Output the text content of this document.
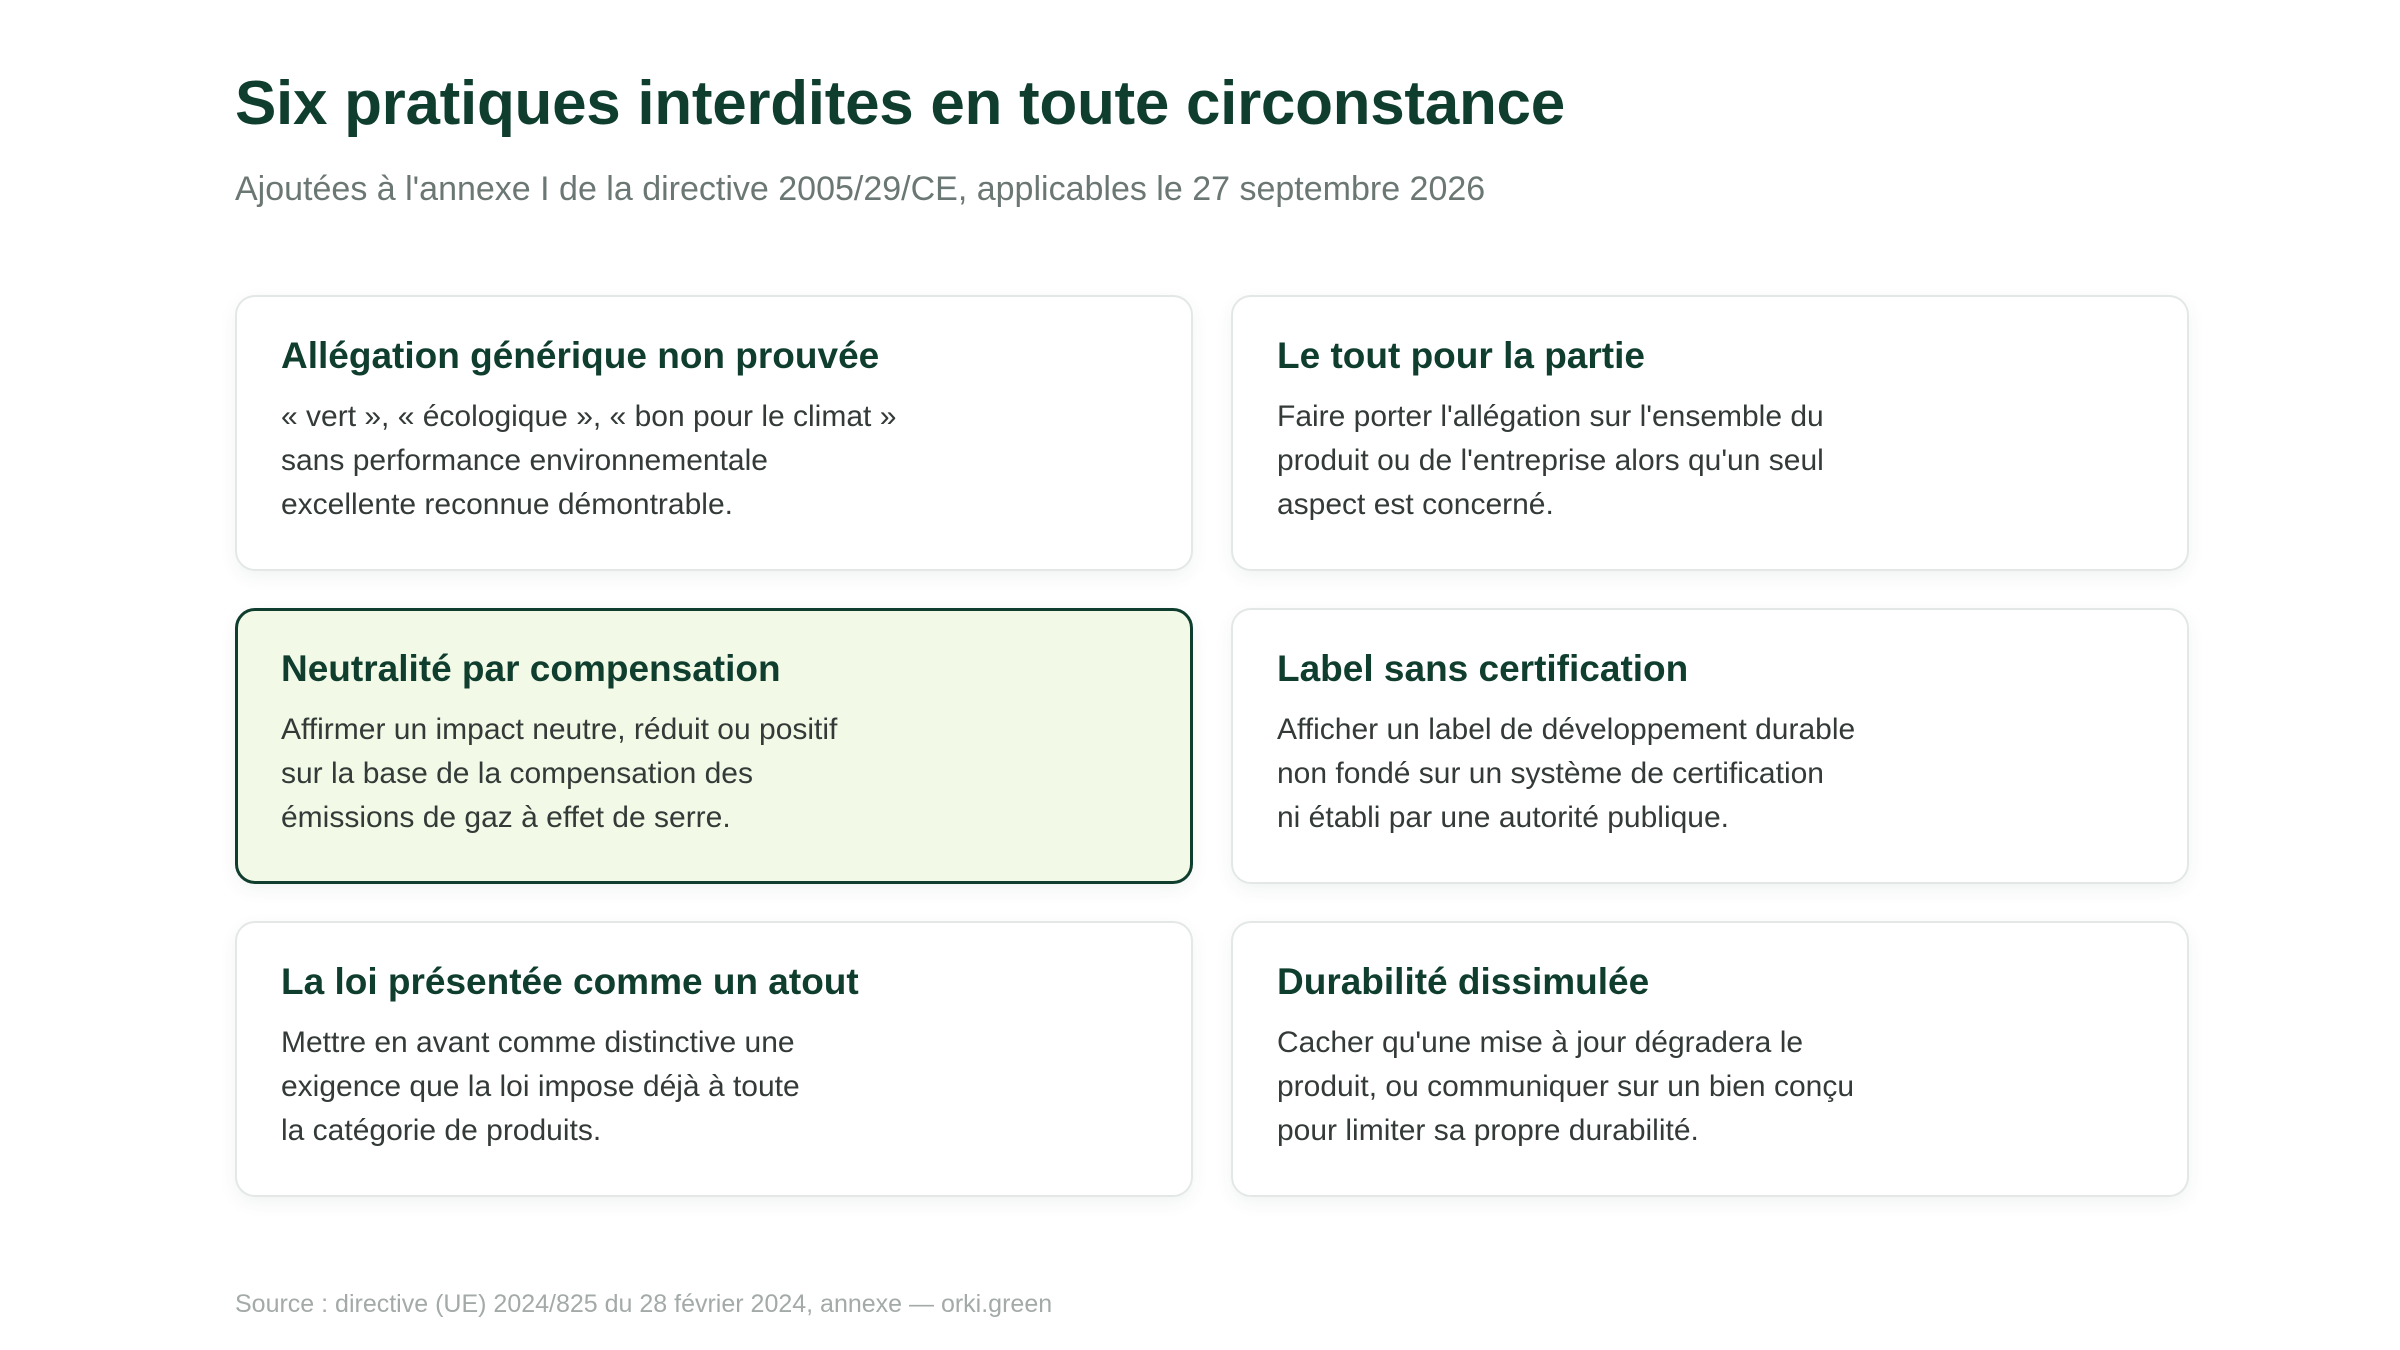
Six pratiques interdites en toute circonstance

Ajoutées à l'annexe I de la directive 2005/29/CE, applicables le 27 septembre 2026

Allégation générique non prouvée

« vert », « écologique », « bon pour le climat »
sans performance environnementale
excellente reconnue démontrable.

Le tout pour la partie

Faire porter l'allégation sur l'ensemble du
produit ou de l'entreprise alors qu'un seul
aspect est concerné.

Neutralité par compensation

Affirmer un impact neutre, réduit ou positif
sur la base de la compensation des
émissions de gaz à effet de serre.

Label sans certification

Afficher un label de développement durable
non fondé sur un système de certification
ni établi par une autorité publique.

La loi présentée comme un atout

Mettre en avant comme distinctive une
exigence que la loi impose déjà à toute
la catégorie de produits.

Durabilité dissimulée

Cacher qu'une mise à jour dégradera le
produit, ou communiquer sur un bien conçu
pour limiter sa propre durabilité.

Source : directive (UE) 2024/825 du 28 février 2024, annexe — orki.green
